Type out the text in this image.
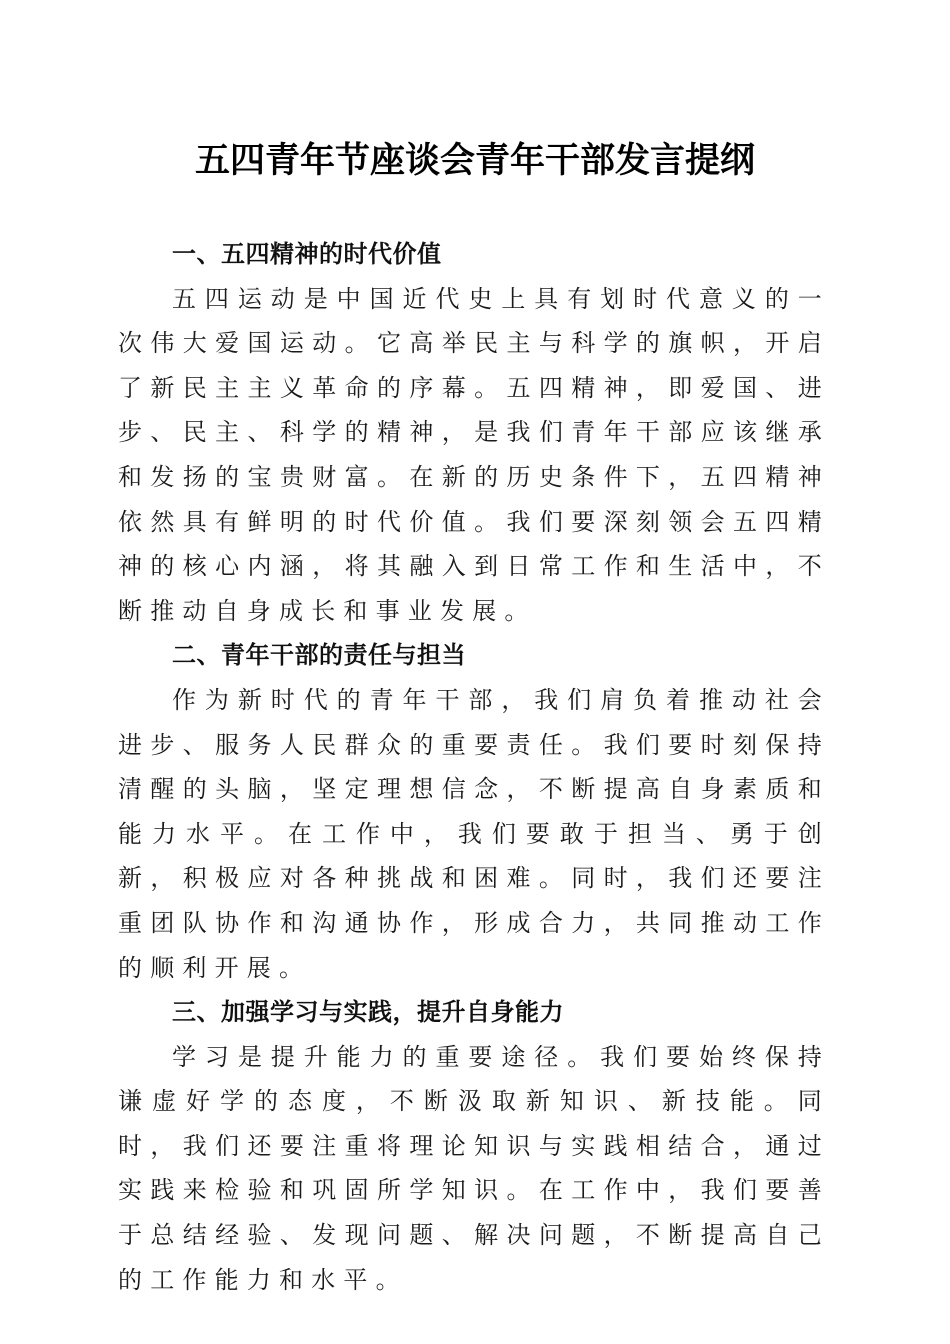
五四青年节座谈会青年干部发言提纲
一、五四精神的时代价值

五四运动是中国近代史上具有划时代意义的一次伟大爱国运动。它高举民主与科学的旗帜，开启了新民主主义革命的序幕。五四精神，即爱国、进步、民主、科学的精神，是我们青年干部应该继承和发扬的宝贵财富。在新的历史条件下，五四精神依然具有鲜明的时代价值。我们要深刻领会五四精神的核心内涵，将其融入到日常工作和生活中，不断推动自身成长和事业发展。

二、青年干部的责任与担当

作为新时代的青年干部，我们肩负着推动社会进步、服务人民群众的重要责任。我们要时刻保持清醒的头脑，坚定理想信念，不断提高自身素质和能力水平。在工作中，我们要敢于担当、勇于创新，积极应对各种挑战和困难。同时，我们还要注重团队协作和沟通协作，形成合力，共同推动工作的顺利开展。

三、加强学习与实践，提升自身能力

学习是提升能力的重要途径。我们要始终保持谦虚好学的态度，不断汲取新知识、新技能。同时，我们还要注重将理论知识与实践相结合，通过实践来检验和巩固所学知识。在工作中，我们要善于总结经验、发现问题、解决问题，不断提高自己的工作能力和水平。
